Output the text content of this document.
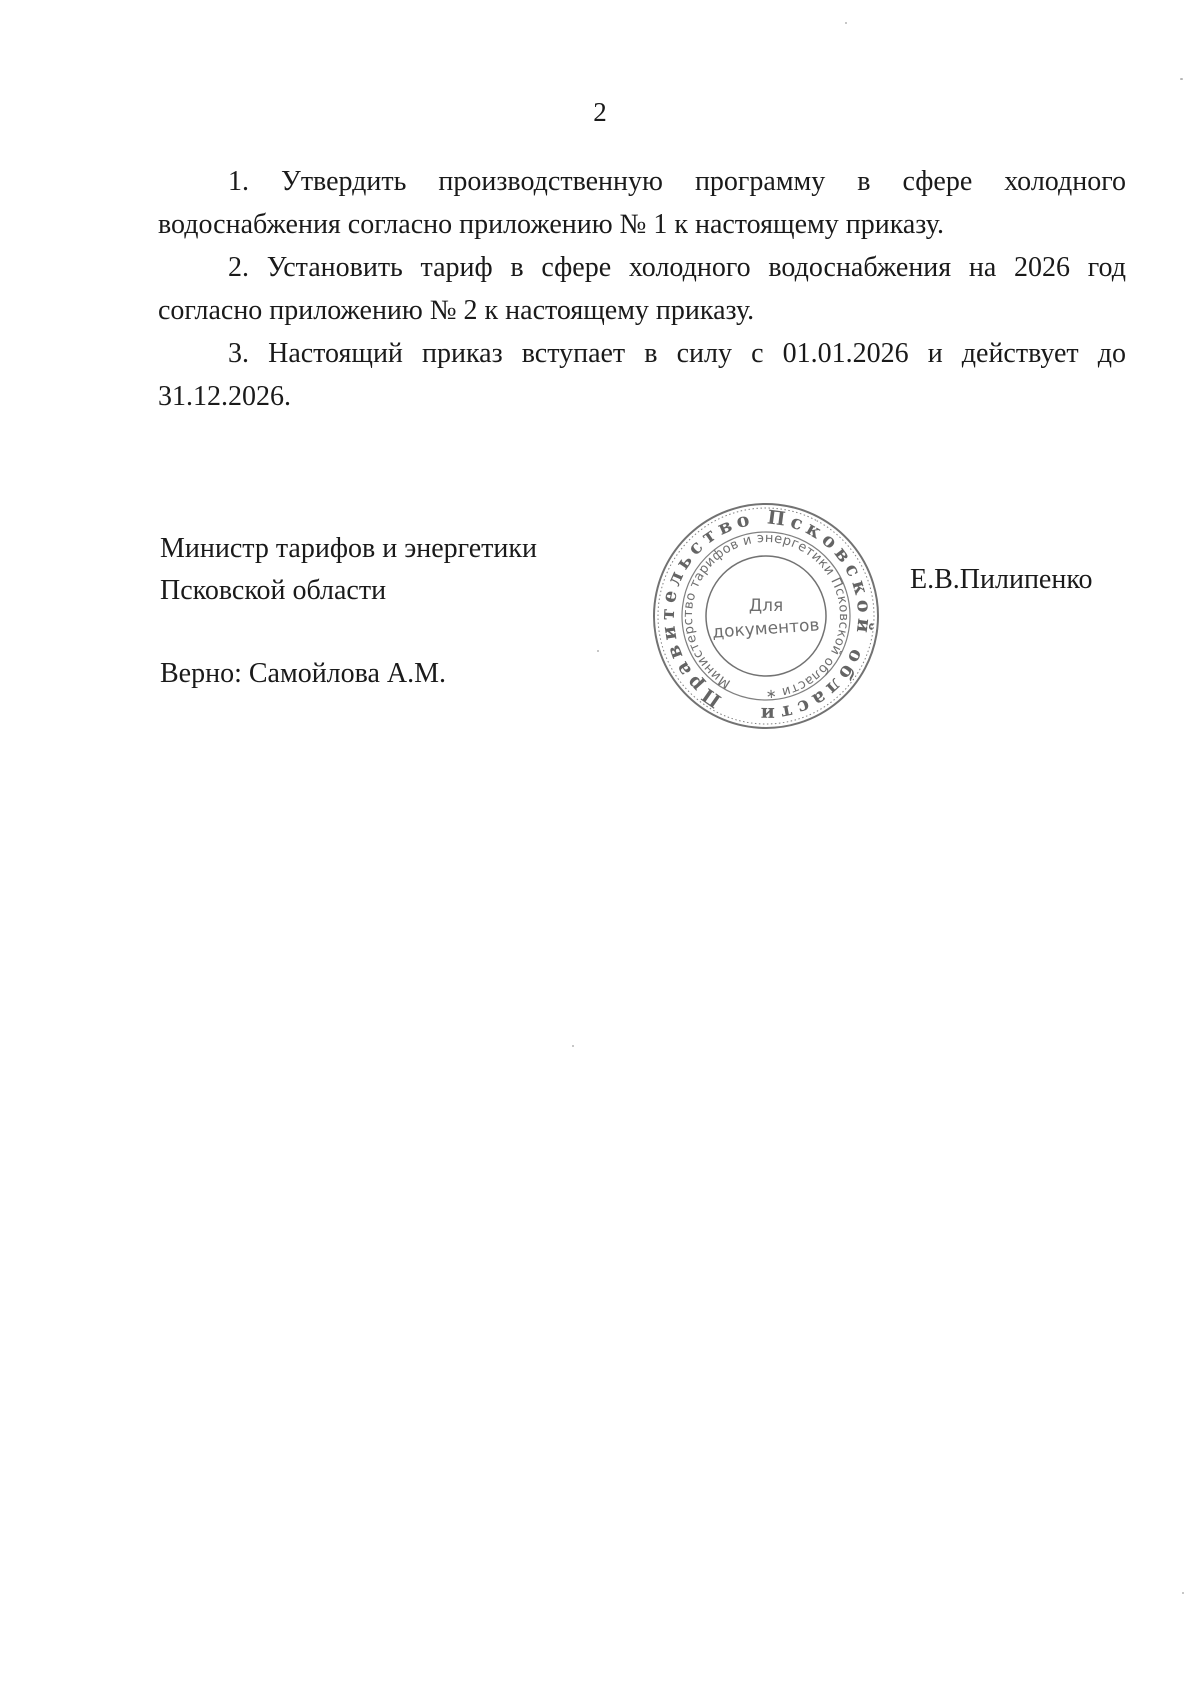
2

1. Утвердить производственную программу в сфере холодного водоснабжения согласно приложению № 1 к настоящему приказу.

2. Установить тариф в сфере холодного водоснабжения на 2026 год согласно приложению № 2 к настоящему приказу.

3. Настоящий приказ вступает в силу с 01.01.2026 и действует до 31.12.2026.

Министр тарифов и энергетики
Псковской области
Правительство Псковской области
Министерство тарифов и энергетики Псковской области ∗
Для
документов
Е.В.Пилипенко
Верно: Самойлова А.М.
